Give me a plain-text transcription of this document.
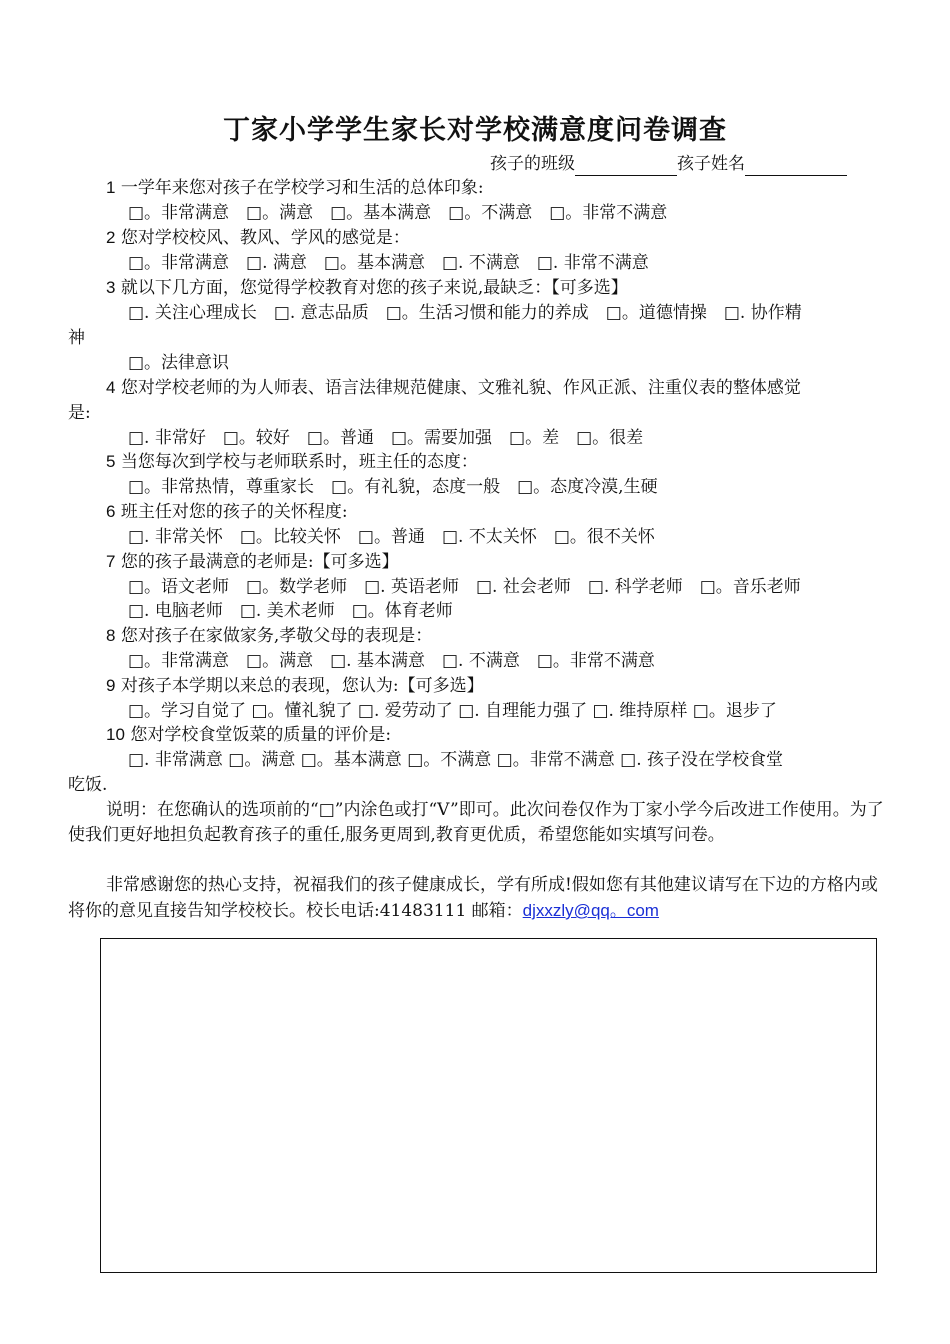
丁家小学学生家长对学校满意度问卷调查
孩子的班级	孩子姓名
1 一学年来您对孩子在学校学习和生活的总体印象:
□。非常满意　□。满意　□。基本满意　□。不满意　□。非常不满意
2 您对学校校风、教风、学风的感觉是：
□。非常满意　□. 满意　□。基本满意　□. 不满意　□. 非常不满意
3 就以下几方面，您觉得学校教育对您的孩子来说,最缺乏：【可多选】
□. 关注心理成长　□. 意志品质　□。生活习惯和能力的养成　□。道德情操　□. 协作精
神
□。法律意识
4 您对学校老师的为人师表、语言法律规范健康、文雅礼貌、作风正派、注重仪表的整体感觉
是:
□. 非常好　□。较好　□。普通　□。需要加强　□。差　□。很差
5 当您每次到学校与老师联系时，班主任的态度：
□。非常热情，尊重家长　□。有礼貌，态度一般　□。态度冷漠,生硬
6 班主任对您的孩子的关怀程度:
□. 非常关怀　□。比较关怀　□。普通　□. 不太关怀　□。很不关怀
7 您的孩子最满意的老师是:【可多选】
□。语文老师　□。数学老师　□. 英语老师　□. 社会老师　□. 科学老师　□。音乐老师
□. 电脑老师　□. 美术老师　□。体育老师
8 您对孩子在家做家务,孝敬父母的表现是：
□。非常满意　□。满意　□. 基本满意　□. 不满意　□。非常不满意
9 对孩子本学期以来总的表现，您认为:【可多选】
□。学习自觉了 □。懂礼貌了 □. 爱劳动了 □. 自理能力强了 □. 维持原样 □。退步了
10 您对学校食堂饭菜的质量的评价是:
□. 非常满意 □。满意 □。基本满意 □。不满意 □。非常不满意 □. 孩子没在学校食堂
吃饭.
说明：在您确认的选项前的“□”内涂色或打“V”即可。此次问卷仅作为丁家小学今后改进工作使用。为了使我们更好地担负起教育孩子的重任,服务更周到,教育更优质，希望您能如实填写问卷。
非常感谢您的热心支持，祝福我们的孩子健康成长，学有所成!假如您有其他建议请写在下边的方格内或将你的意见直接告知学校校长。校长电话:41483111 邮箱：djxxzly@qq。com
